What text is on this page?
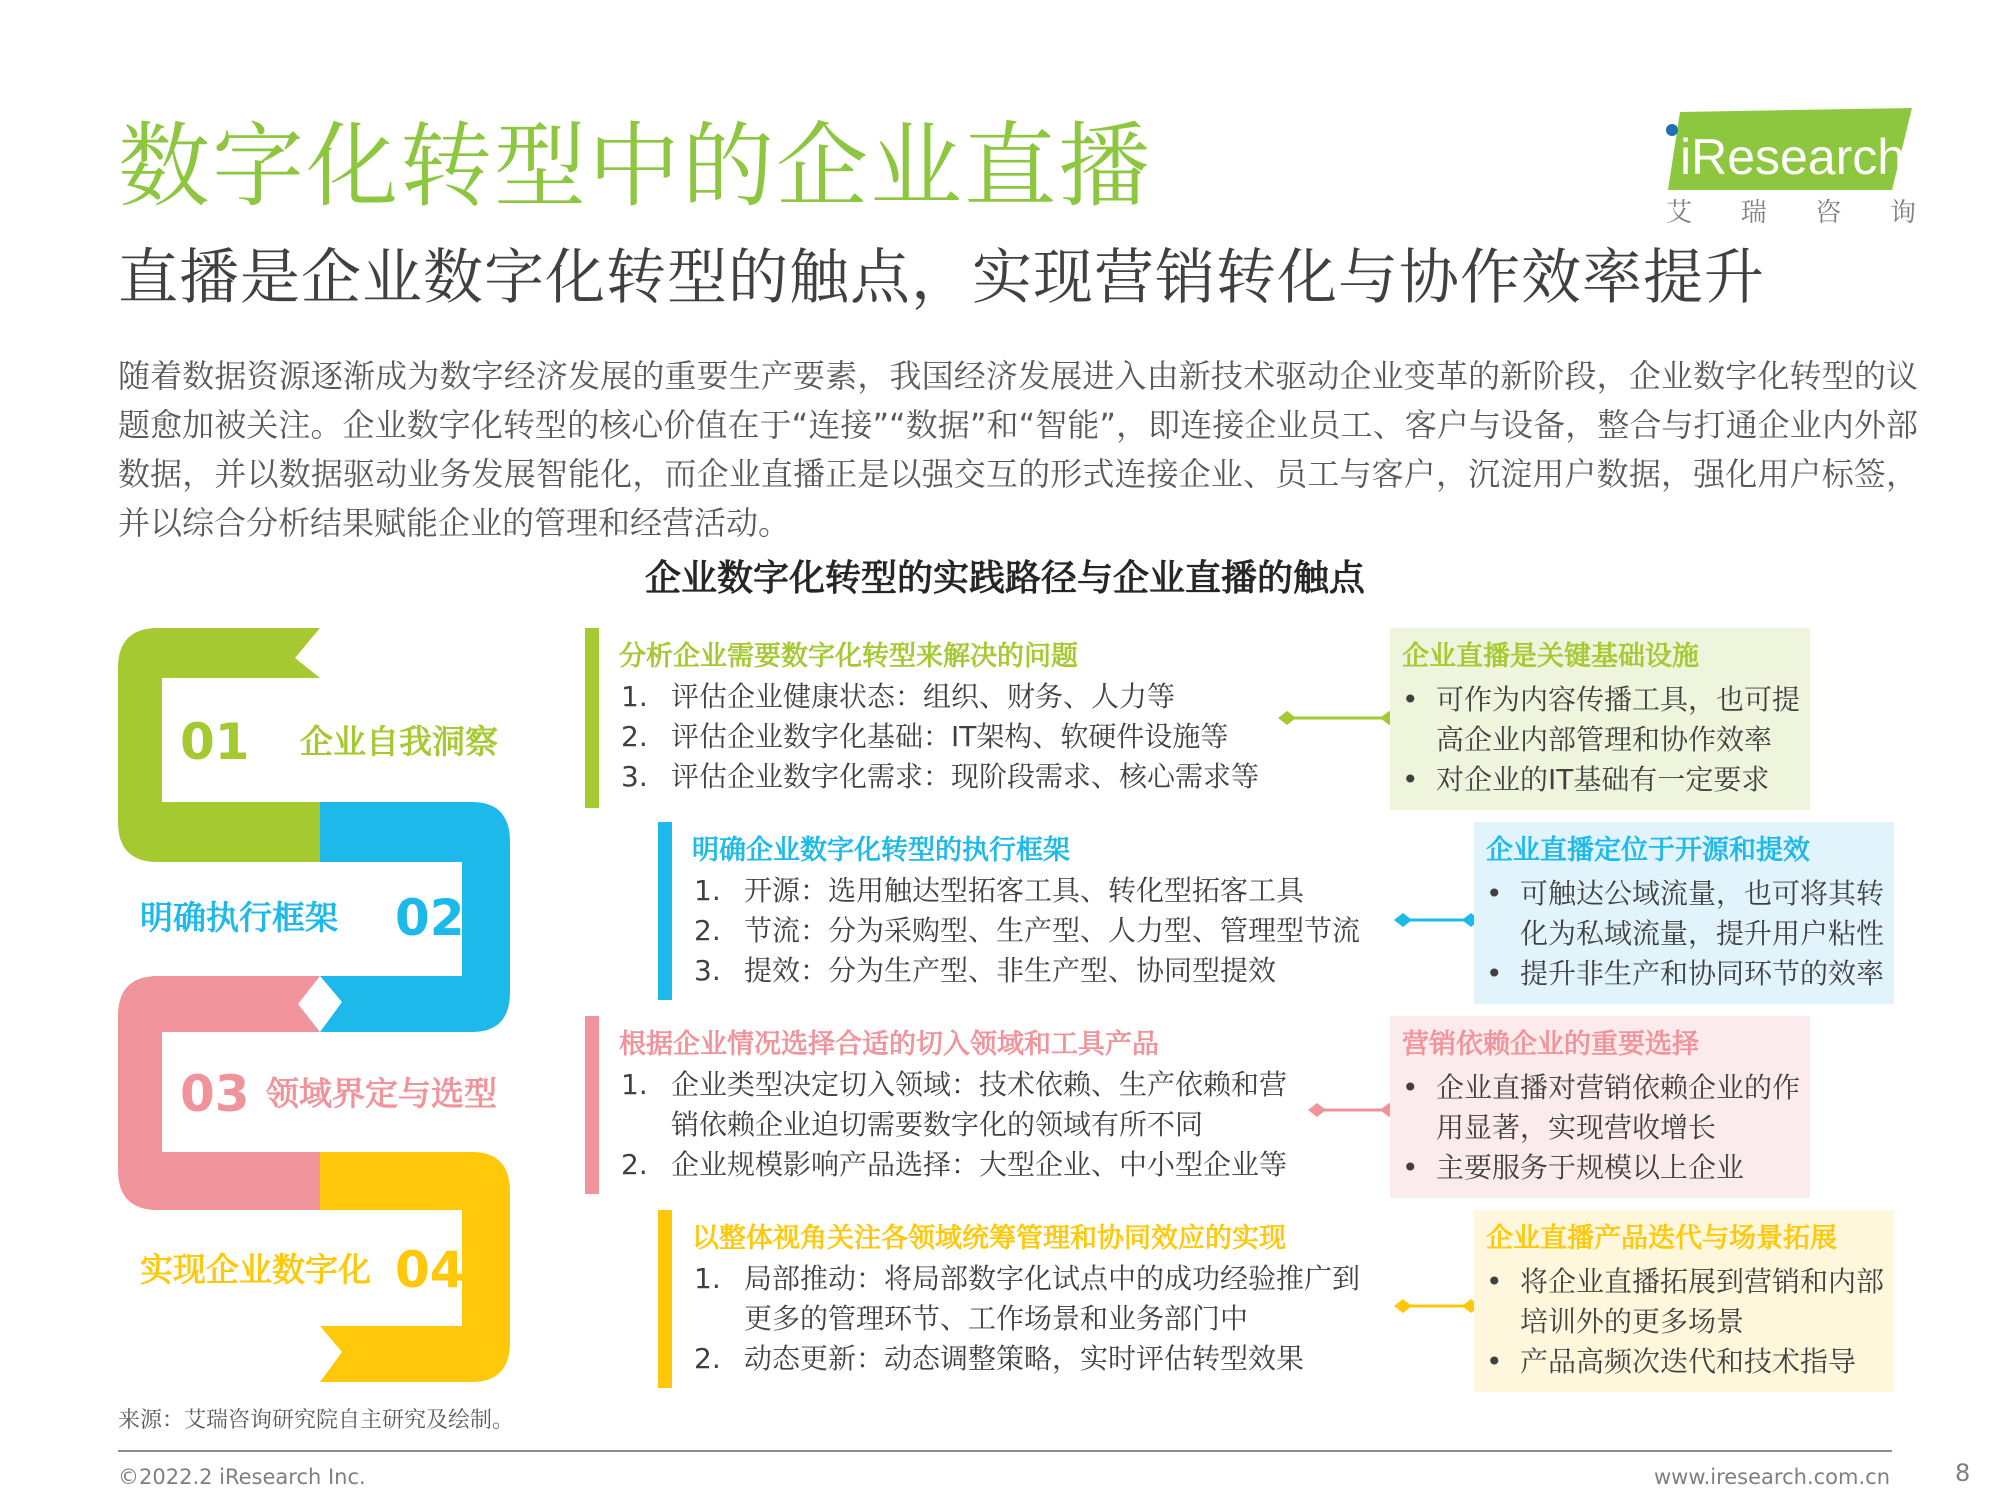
数字化转型中的企业直播
直播是企业数字化转型的触点，实现营销转化与协作效率提升
iResearch
艾 瑞 咨 询
随着数据资源逐渐成为数字经济发展的重要生产要素，我国经济发展进入由新技术驱动企业变革的新阶段，企业数字化转型的议题愈加被关注。企业数字化转型的核心价值在于“连接”“数据”和“智能”，即连接企业员工、客户与设备，整合与打通企业内外部数据，并以数据驱动业务发展智能化，而企业直播正是以强交互的形式连接企业、员工与客户，沉淀用户数据，强化用户标签，并以综合分析结果赋能企业的管理和经营活动。
企业数字化转型的实践路径与企业直播的触点
01 企业自我洞察
明确执行框架 02
03 领域界定与选型
实现企业数字化 04
分析企业需要数字化转型来解决的问题
1. 评估企业健康状态：组织、财务、人力等
2. 评估企业数字化基础：IT架构、软硬件设施等
3. 评估企业数字化需求：现阶段需求、核心需求等
明确企业数字化转型的执行框架
1. 开源：选用触达型拓客工具、转化型拓客工具
2. 节流：分为采购型、生产型、人力型、管理型节流
3. 提效：分为生产型、非生产型、协同型提效
根据企业情况选择合适的切入领域和工具产品
1. 企业类型决定切入领域：技术依赖、生产依赖和营
销依赖企业迫切需要数字化的领域有所不同
2. 企业规模影响产品选择：大型企业、中小型企业等
以整体视角关注各领域统筹管理和协同效应的实现
1. 局部推动：将局部数字化试点中的成功经验推广到
更多的管理环节、工作场景和业务部门中
2. 动态更新：动态调整策略，实时评估转型效果
企业直播是关键基础设施
• 可作为内容传播工具，也可提
高企业内部管理和协作效率
• 对企业的IT基础有一定要求
企业直播定位于开源和提效
• 可触达公域流量，也可将其转
化为私域流量，提升用户粘性
• 提升非生产和协同环节的效率
营销依赖企业的重要选择
• 企业直播对营销依赖企业的作
用显著，实现营收增长
• 主要服务于规模以上企业
企业直播产品迭代与场景拓展
• 将企业直播拓展到营销和内部
培训外的更多场景
• 产品高频次迭代和技术指导
来源：艾瑞咨询研究院自主研究及绘制。
©2022.2 iResearch Inc.	www.iresearch.com.cn	8
